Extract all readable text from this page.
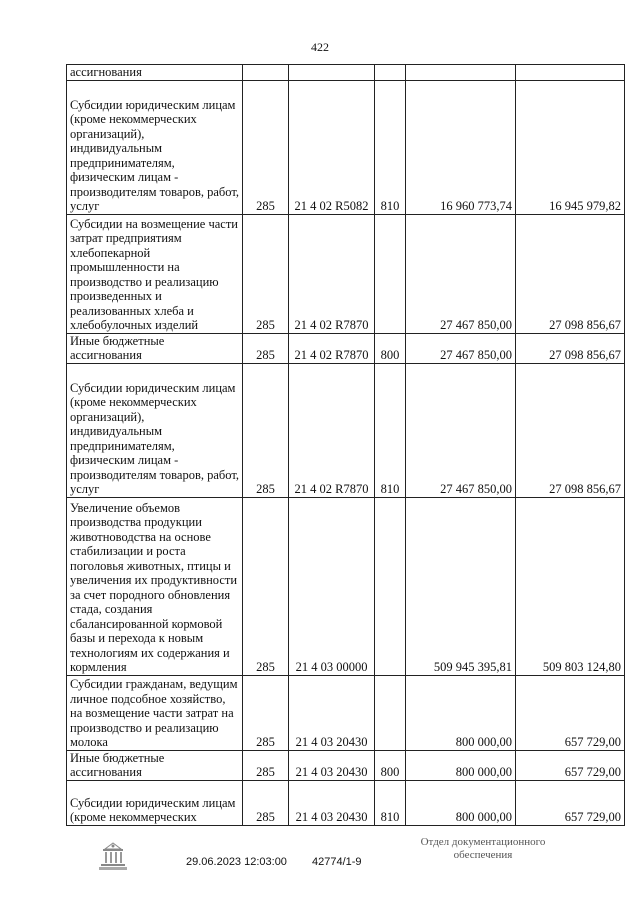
422
ассигнования					
Субсидии юридическим лицам (кроме некоммерческих организаций), индивидуальным предпринимателям, физическим лицам - производителям товаров, работ, услуг	285	21 4 02 R5082	810	16 960 773,74	16 945 979,82
Субсидии на возмещение части затрат предприятиям хлебопекарной промышленности на производство и реализацию произведенных и реализованных хлеба и хлебобулочных изделий	285	21 4 02 R7870		27 467 850,00	27 098 856,67
Иные бюджетные ассигнования	285	21 4 02 R7870	800	27 467 850,00	27 098 856,67
Субсидии юридическим лицам (кроме некоммерческих организаций), индивидуальным предпринимателям, физическим лицам - производителям товаров, работ, услуг	285	21 4 02 R7870	810	27 467 850,00	27 098 856,67
Увеличение объемов производства продукции животноводства на основе стабилизации и роста поголовья животных, птицы и увеличения их продуктивности за счет породного обновления стада, создания сбалансированной кормовой базы и перехода к новым технологиям их содержания и кормления	285	21 4 03 00000		509 945 395,81	509 803 124,80
Субсидии гражданам, ведущим личное подсобное хозяйство, на возмещение части затрат на производство и реализацию молока	285	21 4 03 20430		800 000,00	657 729,00
Иные бюджетные ассигнования	285	21 4 03 20430	800	800 000,00	657 729,00
Субсидии юридическим лицам (кроме некоммерческих	285	21 4 03 20430	810	800 000,00	657 729,00
29.06.2023 12:03:00 42774/1-9
Отдел документационного
обеспечения
